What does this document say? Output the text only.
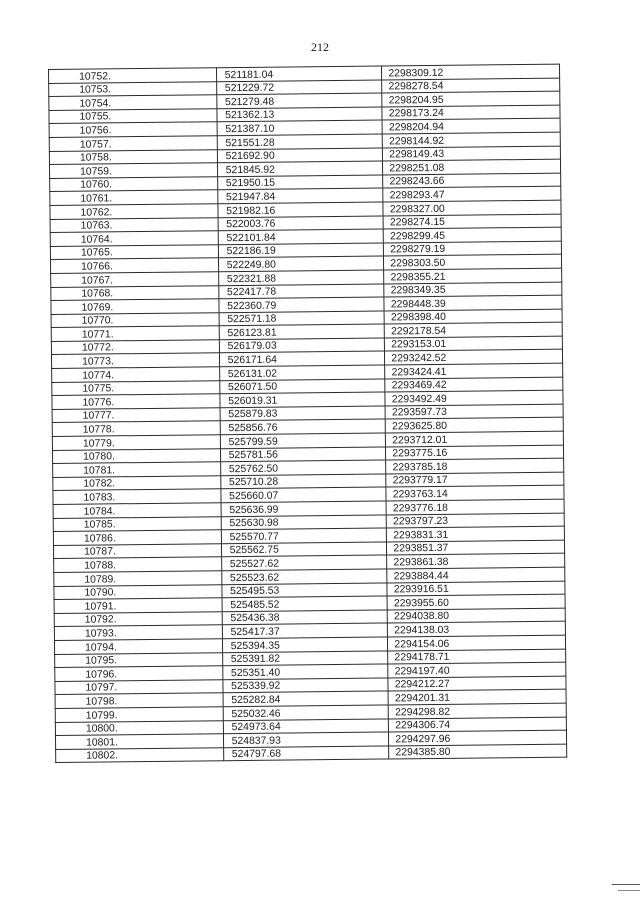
212
10752.	521181.04	2298309.12
10753.	521229.72	2298278.54
10754.	521279.48	2298204.95
10755.	521362.13	2298173.24
10756.	521387.10	2298204.94
10757.	521551.28	2298144.92
10758.	521692.90	2298149.43
10759.	521845.92	2298251.08
10760.	521950.15	2298243.66
10761.	521947.84	2298293.47
10762.	521982.16	2298327.00
10763.	522003.76	2298274.15
10764.	522101.84	2298299.45
10765.	522186.19	2298279.19
10766.	522249.80	2298303.50
10767.	522321.88	2298355.21
10768.	522417.78	2298349.35
10769.	522360.79	2298448.39
10770.	522571.18	2298398.40
10771.	526123.81	2292178.54
10772.	526179.03	2293153.01
10773.	526171.64	2293242.52
10774.	526131.02	2293424.41
10775.	526071.50	2293469.42
10776.	526019.31	2293492.49
10777.	525879.83	2293597.73
10778.	525856.76	2293625.80
10779.	525799.59	2293712.01
10780.	525781.56	2293775.16
10781.	525762.50	2293785.18
10782.	525710.28	2293779.17
10783.	525660.07	2293763.14
10784.	525636.99	2293776.18
10785.	525630.98	2293797.23
10786.	525570.77	2293831.31
10787.	525562.75	2293851.37
10788.	525527.62	2293861.38
10789.	525523.62	2293884.44
10790.	525495.53	2293916.51
10791.	525485.52	2293955.60
10792.	525436.38	2294038.80
10793.	525417.37	2294138.03
10794.	525394.35	2294154.06
10795.	525391.82	2294178.71
10796.	525351.40	2294197.40
10797.	525339.92	2294212.27
10798.	525282.84	2294201.31
10799.	525032.46	2294298.82
10800.	524973.64	2294306.74
10801.	524837.93	2294297.96
10802.	524797.68	2294385.80
